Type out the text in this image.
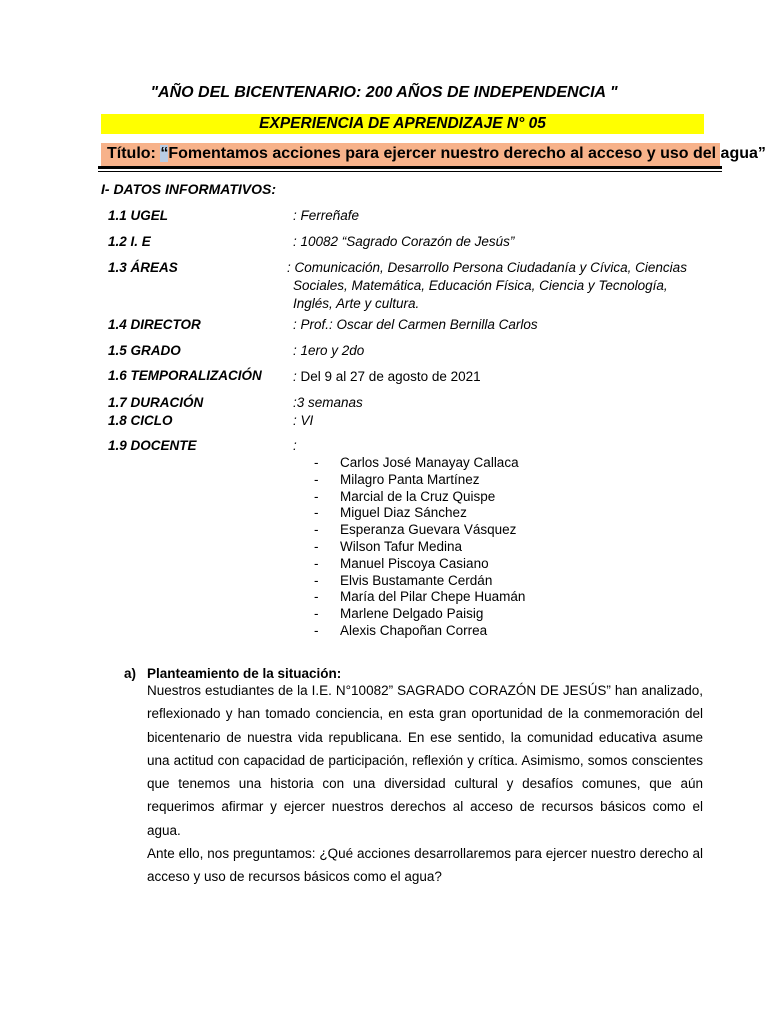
"AÑO DEL BICENTENARIO: 200 AÑOS DE INDEPENDENCIA "
EXPERIENCIA DE APRENDIZAJE N° 05
Título: “Fomentamos acciones para ejercer nuestro derecho al acceso y uso del agua”
I- DATOS INFORMATIVOS:
1.1 UGEL	: Ferreñafe
1.2 I. E	: 10082 “Sagrado Corazón de Jesús”
1.3 ÁREAS	: Comunicación, Desarrollo Persona Ciudadanía y Cívica, Ciencias
Sociales, Matemática, Educación Física, Ciencia y Tecnología,
Inglés, Arte y cultura.
1.4 DIRECTOR	: Prof.: Oscar del Carmen Bernilla Carlos
1.5 GRADO	: 1ero y 2do
1.6 TEMPORALIZACIÓN : Del 9 al 27 de agosto de 2021
1.7 DURACIÓN	:3 semanas
1.8 CICLO	: VI
1.9 DOCENTE	:
- Carlos José Manayay Callaca
- Milagro Panta Martínez
- Marcial de la Cruz Quispe
- Miguel Diaz Sánchez
- Esperanza Guevara Vásquez
- Wilson Tafur Medina
- Manuel Piscoya Casiano
- Elvis Bustamante Cerdán
- María del Pilar Chepe Huamán
- Marlene Delgado Paisig
- Alexis Chapoñan Correa
a) Planteamiento de la situación:

Nuestros estudiantes de la I.E. N°10082” SAGRADO CORAZÓN DE JESÚS” han analizado, reflexionado y han tomado conciencia, en esta gran oportunidad de la conmemoración del bicentenario de nuestra vida republicana. En ese sentido, la comunidad educativa asume una actitud con capacidad de participación, reflexión y crítica. Asimismo, somos conscientes que tenemos una historia con una diversidad cultural y desafíos comunes, que aún requerimos afirmar y ejercer nuestros derechos al acceso de recursos básicos como el agua.

Ante ello, nos preguntamos: ¿Qué acciones desarrollaremos para ejercer nuestro derecho al acceso y uso de recursos básicos como el agua?
